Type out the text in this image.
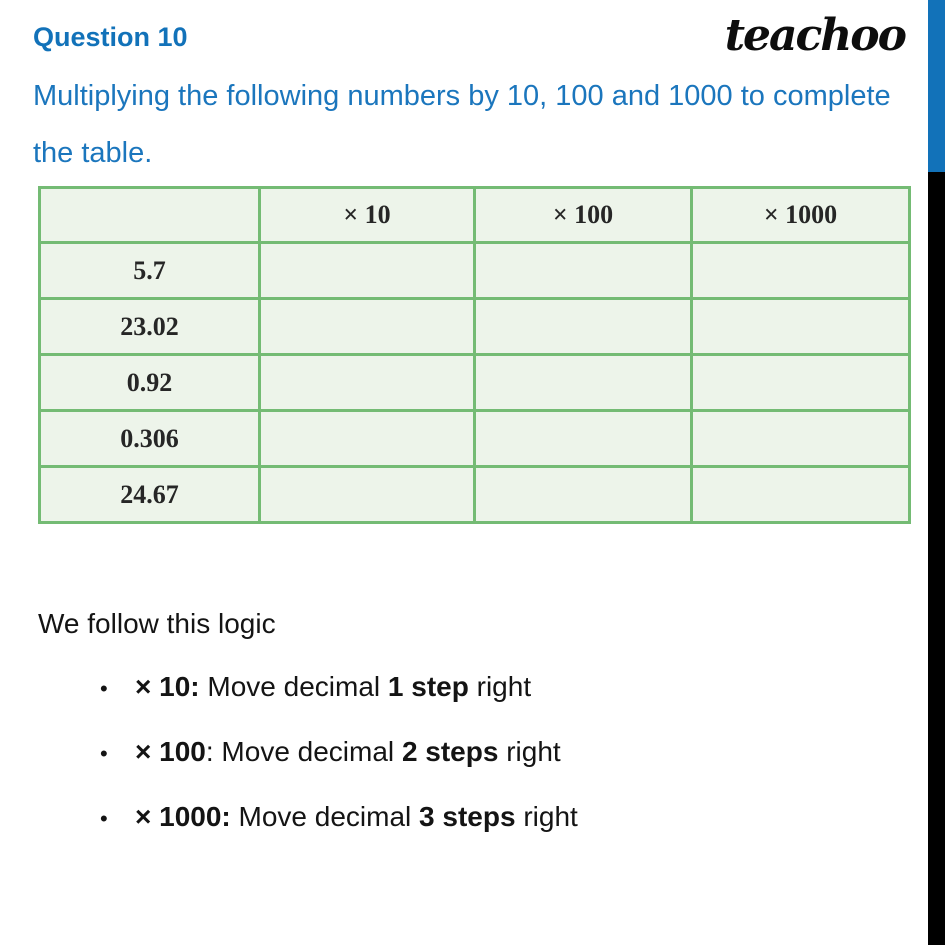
Question 10	teachoo
Multiplying the following numbers by 10, 100 and 1000 to complete
the table.
	× 10	× 100	× 1000
5.7			
23.02			
0.92			
0.306			
24.67			
We follow this logic
• × 10: Move decimal 1 step right
• × 100 : Move decimal 2 steps right
• × 1000: Move decimal 3 steps right
